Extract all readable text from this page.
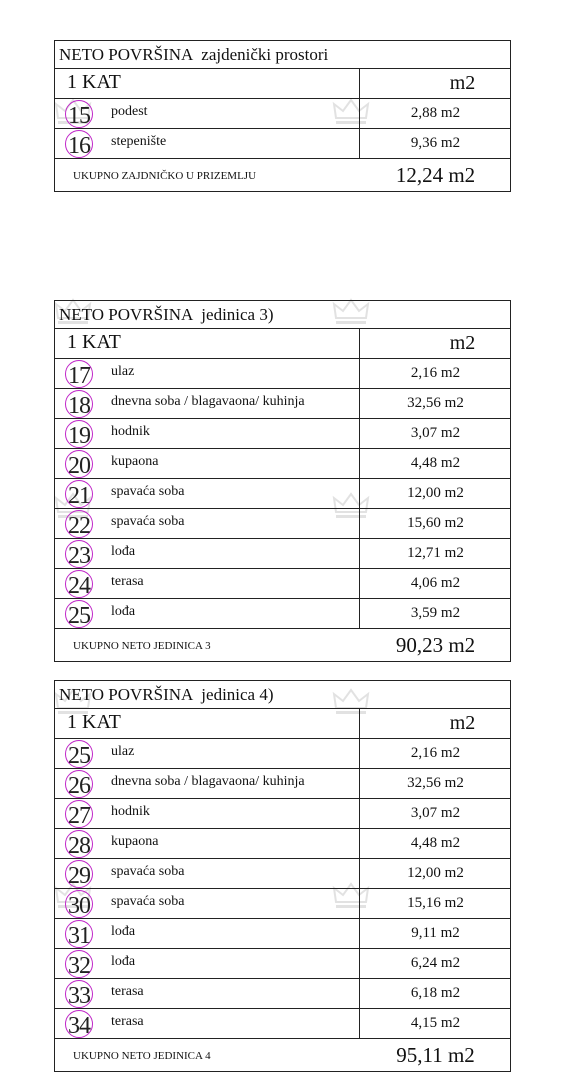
NETO POVRŠINA zajdenički prostori
1 KAT	m2
15 podest	2,88 m2
16 stepenište	9,36 m2
UKUPNO ZAJDNIČKO U PRIZEMLJU	12,24 m2
NETO POVRŠINA jedinica 3)
1 KAT	m2
17 ulaz	2,16 m2
18 dnevna soba / blagavaona/ kuhinja	32,56 m2
19 hodnik	3,07 m2
20 kupaona	4,48 m2
21 spavaća soba	12,00 m2
22 spavaća soba	15,60 m2
23 lođa	12,71 m2
24 terasa	4,06 m2
25 lođa	3,59 m2
UKUPNO NETO JEDINICA 3	90,23 m2
NETO POVRŠINA jedinica 4)
1 KAT	m2
25 ulaz	2,16 m2
26 dnevna soba / blagavaona/ kuhinja	32,56 m2
27 hodnik	3,07 m2
28 kupaona	4,48 m2
29 spavaća soba	12,00 m2
30 spavaća soba	15,16 m2
31 lođa	9,11 m2
32 lođa	6,24 m2
33 terasa	6,18 m2
34 terasa	4,15 m2
UKUPNO NETO JEDINICA 4	95,11 m2
